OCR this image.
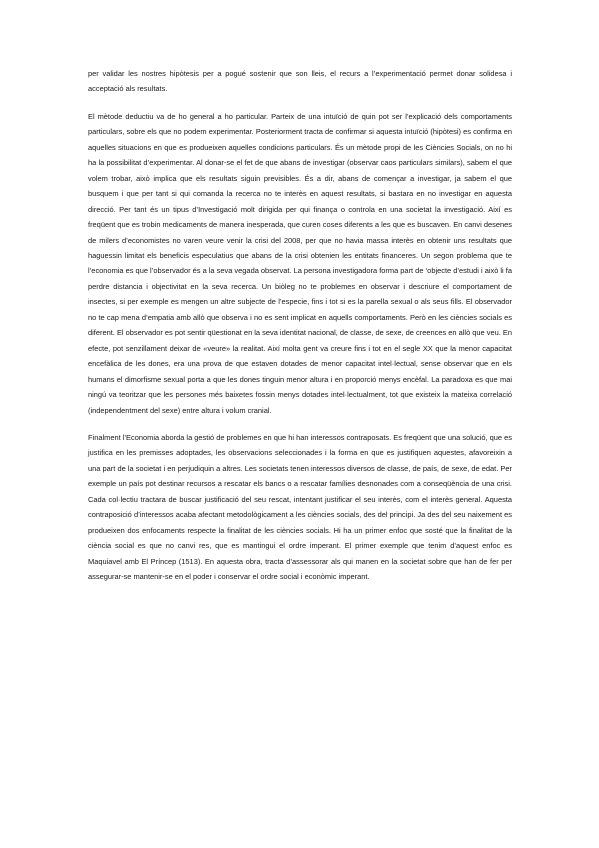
per validar les nostres hipòtesis per a pogué sostenir que son lleis, el recurs a l’experimentació permet donar solidesa i acceptació als resultats.

El mètode deductiu va de ho general a ho particular. Parteix de una intuïció de quin pot ser l’explicació dels comportaments particulars, sobre els que no podem experimentar. Posteriorment tracta de confirmar si aquesta intuïció (hipòtesi) es confirma en aquelles situacions en que es produeixen aquelles condicions particulars. És un mètode propi de les Ciències Socials, on no hi ha la possibilitat d’experimentar. Al donar-se el fet de que abans de investigar (observar caos particulars similars), sabem el que volem trobar, això implica que els resultats siguin previsibles. És a dir, abans de començar a investigar, ja sabem el que busquem i que per tant si qui comanda la recerca no te interès en aquest resultats, si bastara en no investigar en aquesta direcció. Per tant és un tipus d’Investigació molt dirigida per qui finança o controla en una societat la investigació. Així es freqüent que es trobin medicaments de manera inesperada, que curen coses diferents a les que es buscaven. En canvi desenes de milers d’economistes no varen veure venir la crisi del 2008, per que no havia massa interès en obtenir uns resultats que haguessin limitat els beneficis especulatius que abans de la crisi obtenien les entitats financeres. Un segon problema que te l’economia es que l’observador és a la seva vegada observat. La persona investigadora forma part de ‘objecte d’estudi i això li fa perdre distancia i objectivitat en la seva recerca. Un biòleg no te problemes en observar i descriure el comportament de insectes, si per exemple es mengen un altre subjecte de l’especie, fins i tot si es la parella sexual o als seus fills. El observador no te cap mena d’empatia amb allò que observa i no es sent implicat en aquells comportaments. Però en les ciències socials es diferent. El observador es pot sentir qüestionat en la seva identitat nacional, de classe, de sexe, de creences en allò que veu. En efecte, pot senzillament deixar de «veure» la realitat. Així molta gent va creure fins i tot en el segle XX que la menor capacitat encefàlica de les dones, era una prova de que estaven dotades de menor capacitat intel·lectual, sense observar que en els humans el dimorfisme sexual porta a que les dones tinguin menor altura i en proporció menys encèfal. La paradoxa es que mai ningú va teoritzar que les persones més baixetes fossin menys dotades intel·lectualment, tot que existeix la mateixa correlació (independentment del sexe) entre altura i volum cranial.

Finalment l’Economia aborda la gestió de problemes en que hi han interessos contraposats. Es freqüent que una solució, que es justifica en les premisses adoptades, les observacions seleccionades i la forma en que es justifiquen aquestes, afavoreixin a una part de la societat i en perjudiquin a altres. Les societats tenen interessos diversos de classe, de país, de sexe, de edat. Per exemple un país pot destinar recursos a rescatar els bancs o a rescatar famílies desnonades com a conseqüència de una crisi. Cada col·lectiu tractara de buscar justificació del seu rescat, intentant justificar el seu interès, com el interès general. Aquesta contraposició d’interessos acaba afectant metodològicament a les ciències socials, des del principi. Ja des del seu naixement es produeixen dos enfocaments respecte la finalitat de les ciències socials. Hi ha un primer enfoc que sosté que la finalitat de la ciència social es que no canvi res, que es mantingui el ordre imperant. El primer exemple que tenim d’aquest enfoc es Maquiavel amb El Príncep (1513). En aquesta obra, tracta d’assessorar als qui manen en la societat sobre que han de fer per assegurar-se mantenir-se en el poder i conservar el ordre social i econòmic imperant.
